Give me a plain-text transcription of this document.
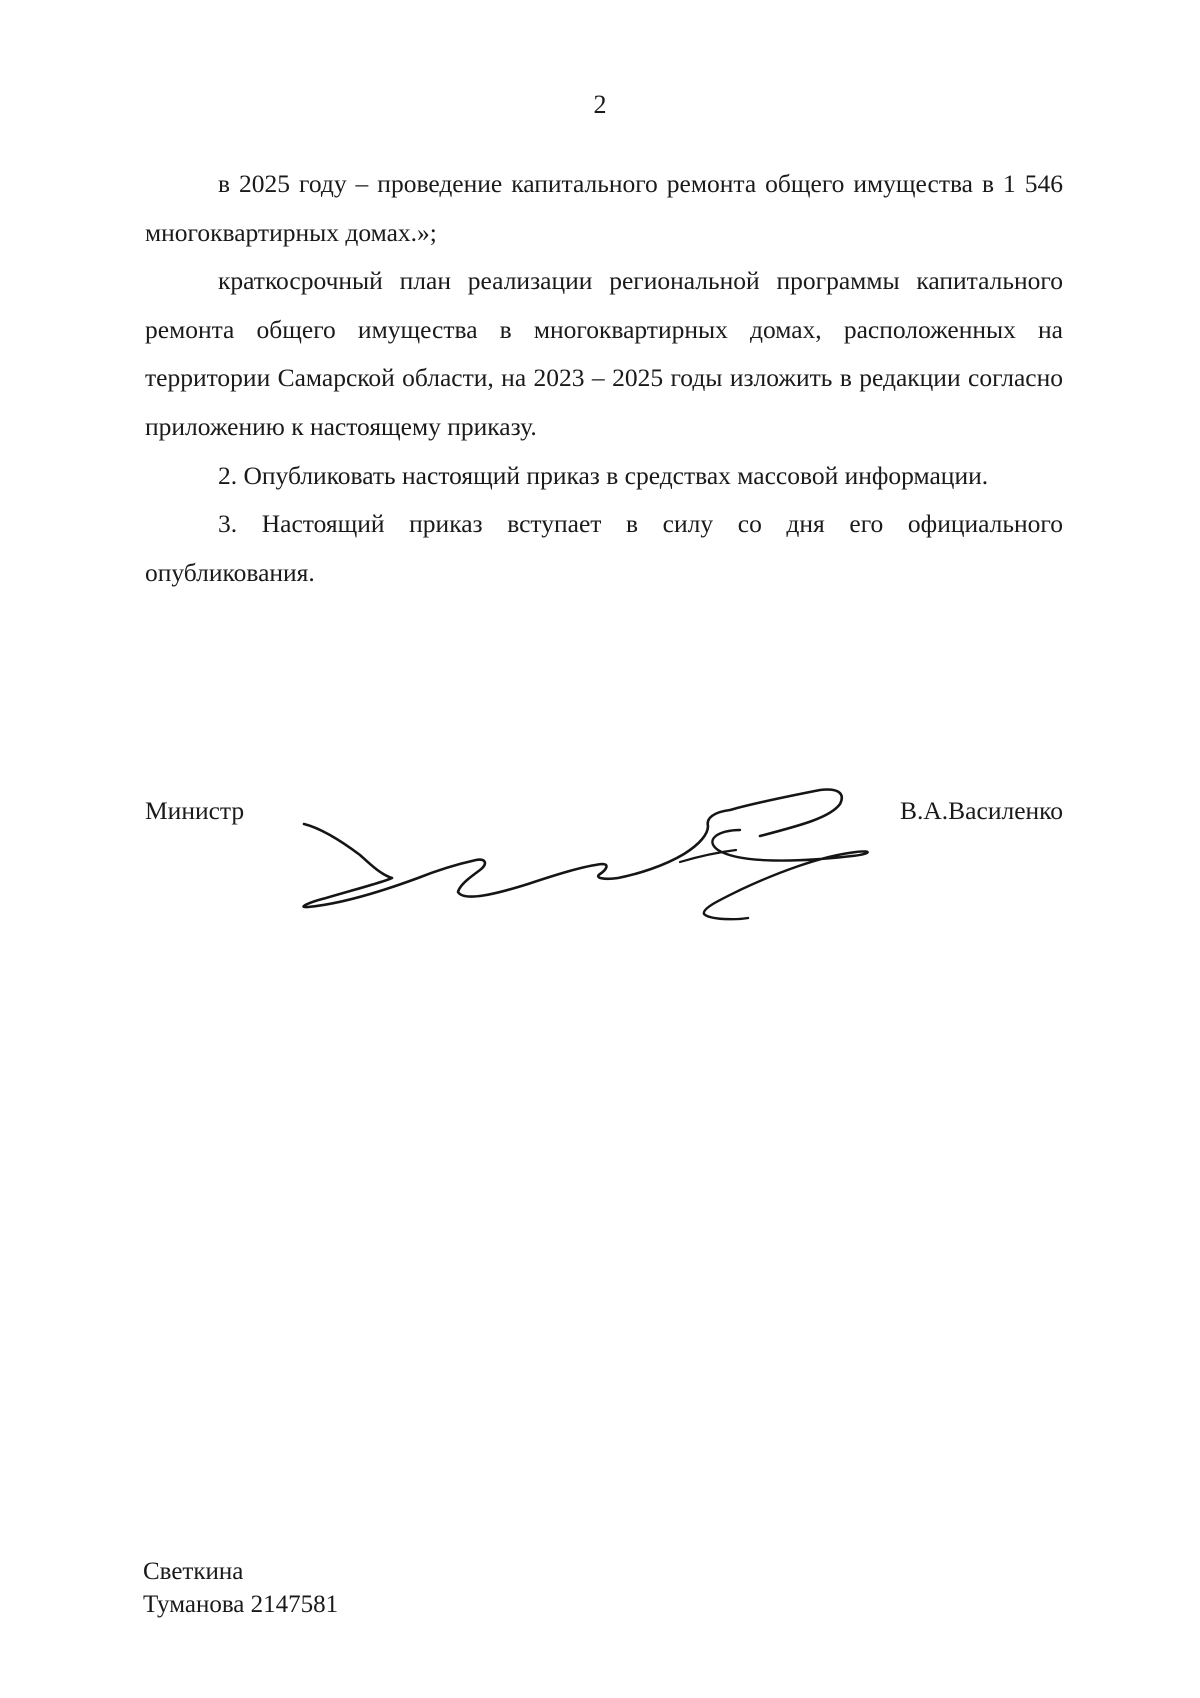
2

в 2025 году – проведение капитального ремонта общего имущества в 1 546 многоквартирных домах.»;

краткосрочный план реализации региональной программы капитального ремонта общего имущества в многоквартирных домах, расположенных на территории Самарской области, на 2023 – 2025 годы изложить в редакции согласно приложению к настоящему приказу.

2. Опубликовать настоящий приказ в средствах массовой информации.

3. Настоящий приказ вступает в силу со дня его официального опубликования.

Министр	В.А.Василенко
Светкина
Туманова 2147581
